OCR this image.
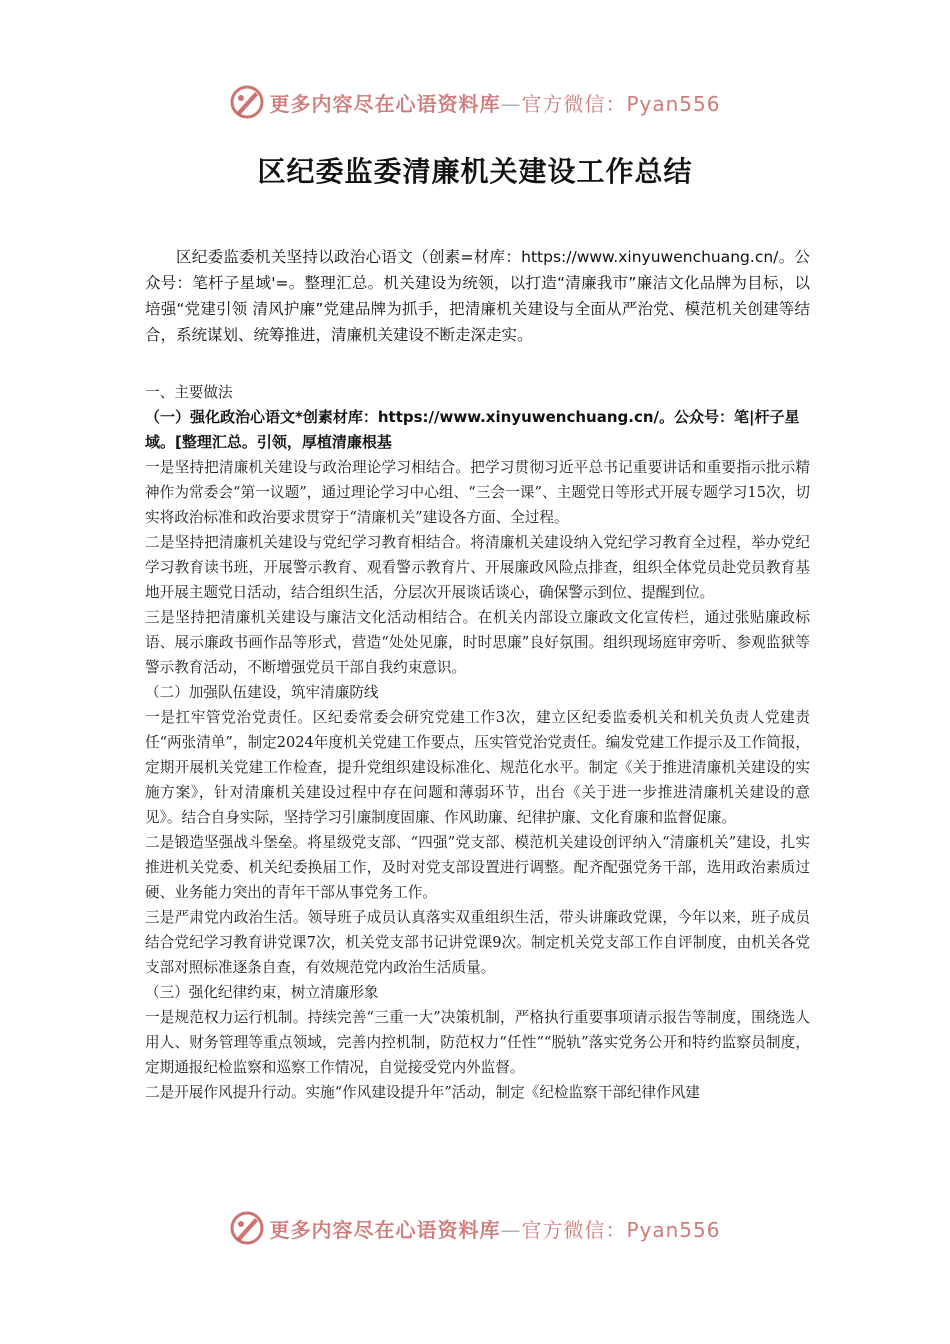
更多内容尽在心语资料库—官方微信：Pyan556
区纪委监委清廉机关建设工作总结

区纪委监委机关坚持以政治心语文（创素=材库：https://www.xinyuwenchuang.cn/。公众号：笔杆子星域'=。整理汇总。机关建设为统领，以打造“清廉我市”廉洁文化品牌为目标，以培强“党建引领 清风护廉”党建品牌为抓手，把清廉机关建设与全面从严治党、模范机关创建等结合，系统谋划、统筹推进，清廉机关建设不断走深走实。

一、主要做法

（一）强化政治心语文*创素材库：https://www.xinyuwenchuang.cn/。公众号：笔|杆子星域。[整理汇总。引领，厚植清廉根基

一是坚持把清廉机关建设与政治理论学习相结合。把学习贯彻习近平总书记重要讲话和重要指示批示精神作为常委会“第一议题”，通过理论学习中心组、“三会一课”、主题党日等形式开展专题学习15次，切实将政治标准和政治要求贯穿于“清廉机关”建设各方面、全过程。

二是坚持把清廉机关建设与党纪学习教育相结合。将清廉机关建设纳入党纪学习教育全过程，举办党纪学习教育读书班，开展警示教育、观看警示教育片、开展廉政风险点排查，组织全体党员赴党员教育基地开展主题党日活动，结合组织生活，分层次开展谈话谈心，确保警示到位、提醒到位。

三是坚持把清廉机关建设与廉洁文化活动相结合。在机关内部设立廉政文化宣传栏，通过张贴廉政标语、展示廉政书画作品等形式，营造“处处见廉，时时思廉”良好氛围。组织现场庭审旁听、参观监狱等警示教育活动，不断增强党员干部自我约束意识。

（二）加强队伍建设，筑牢清廉防线

一是扛牢管党治党责任。区纪委常委会研究党建工作3次，建立区纪委监委机关和机关负责人党建责任“两张清单”，制定2024年度机关党建工作要点，压实管党治党责任。编发党建工作提示及工作简报，定期开展机关党建工作检查，提升党组织建设标准化、规范化水平。制定《关于推进清廉机关建设的实施方案》，针对清廉机关建设过程中存在问题和薄弱环节，出台《关于进一步推进清廉机关建设的意见》。结合自身实际，坚持学习引廉制度固廉、作风助廉、纪律护廉、文化育廉和监督促廉。

二是锻造坚强战斗堡垒。将星级党支部、“四强”党支部、模范机关建设创评纳入“清廉机关”建设，扎实推进机关党委、机关纪委换届工作，及时对党支部设置进行调整。配齐配强党务干部，选用政治素质过硬、业务能力突出的青年干部从事党务工作。

三是严肃党内政治生活。领导班子成员认真落实双重组织生活，带头讲廉政党课，今年以来，班子成员结合党纪学习教育讲党课7次，机关党支部书记讲党课9次。制定机关党支部工作自评制度，由机关各党支部对照标准逐条自查，有效规范党内政治生活质量。

（三）强化纪律约束，树立清廉形象

一是规范权力运行机制。持续完善“三重一大”决策机制，严格执行重要事项请示报告等制度，围绕选人用人、财务管理等重点领域，完善内控机制，防范权力“任性”“脱轨”落实党务公开和特约监察员制度，定期通报纪检监察和巡察工作情况，自觉接受党内外监督。

二是开展作风提升行动。实施“作风建设提升年”活动，制定《纪检监察干部纪律作风建

更多内容尽在心语资料库—官方微信：Pyan556
